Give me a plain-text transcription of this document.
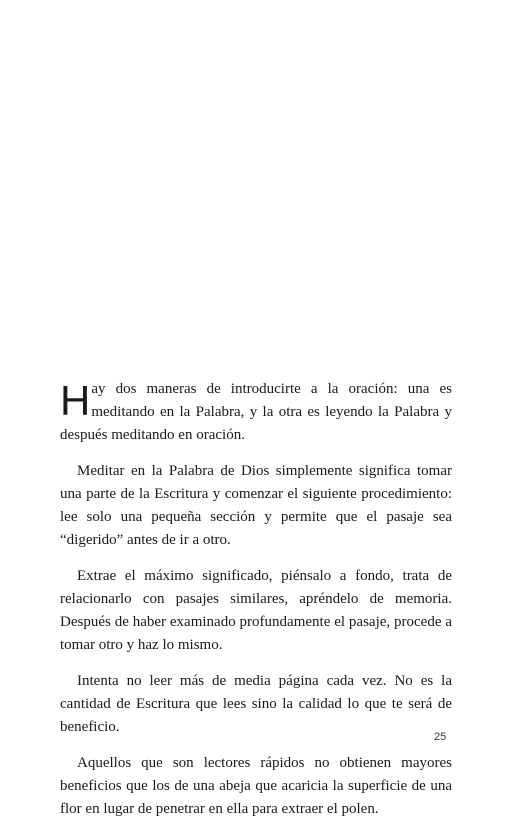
Hay dos maneras de introducirte a la oración: una es meditando en la Palabra, y la otra es leyendo la Palabra y después meditando en oración.

Meditar en la Palabra de Dios simplemente significa tomar una parte de la Escritura y comenzar el siguiente procedimiento: lee solo una pequeña sección y permite que el pasaje sea “digerido” antes de ir a otro.

Extrae el máximo significado, piénsalo a fondo, trata de relacionarlo con pasajes similares, apréndelo de memoria. Después de haber examinado profundamente el pasaje, procede a tomar otro y haz lo mismo.

Intenta no leer más de media página cada vez. No es la cantidad de Escritura que lees sino la calidad lo que te será de beneficio.

Aquellos que son lectores rápidos no obtienen mayores beneficios que los de una abeja que acaricia la superficie de una flor en lugar de penetrar en ella para extraer el polen.

25
